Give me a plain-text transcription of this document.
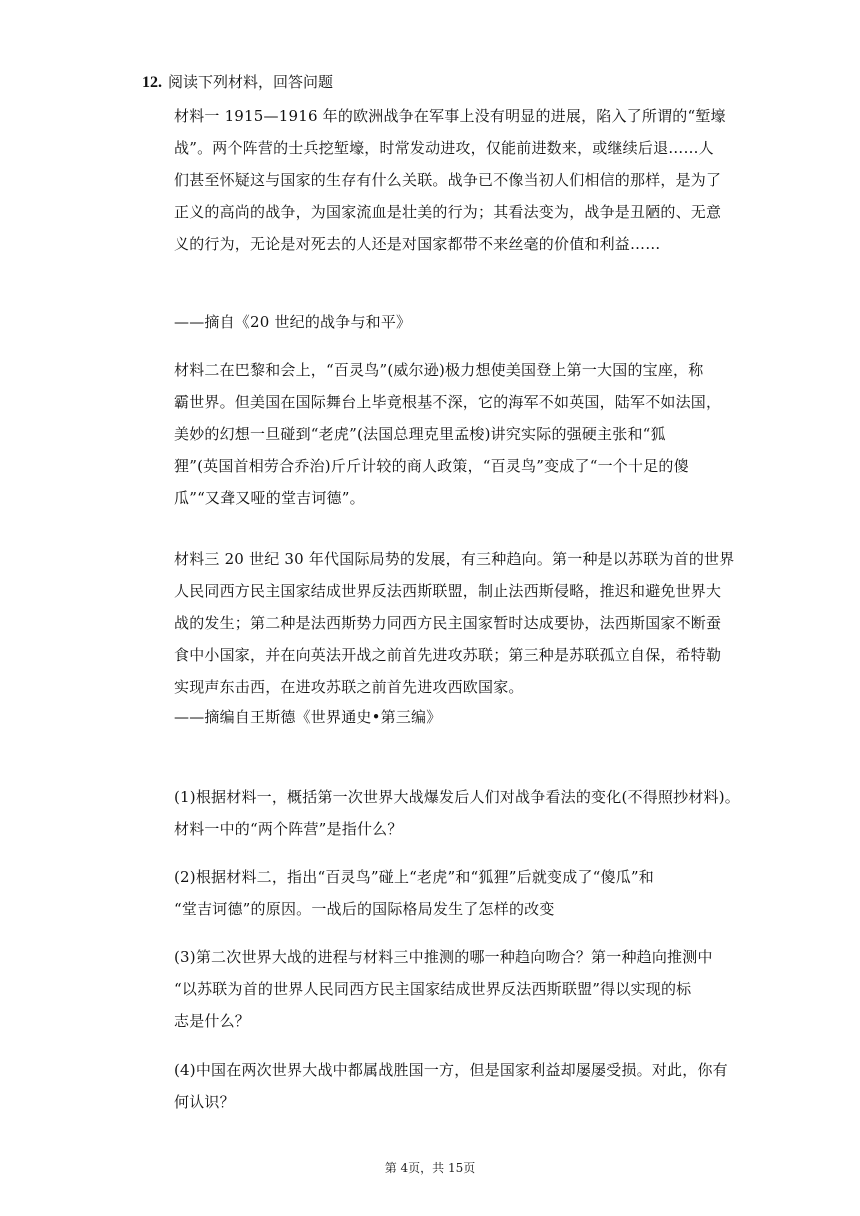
12. 阅读下列材料，回答问题

材料一 1915—1916 年的欧洲战争在军事上没有明显的进展，陷入了所谓的“堑壕

战”。两个阵营的士兵挖堑壕，时常发动进攻，仅能前进数来，或继续后退……人

们甚至怀疑这与国家的生存有什么关联。战争已不像当初人们相信的那样，是为了

正义的高尚的战争，为国家流血是壮美的行为；其看法变为，战争是丑陋的、无意

义的行为，无论是对死去的人还是对国家都带不来丝毫的价值和利益……

——摘自《20 世纪的战争与和平》

材料二在巴黎和会上，“百灵鸟”(威尔逊)极力想使美国登上第一大国的宝座，称

霸世界。但美国在国际舞台上毕竟根基不深，它的海军不如英国，陆军不如法国，

美妙的幻想一旦碰到“老虎”(法国总理克里孟梭)讲究实际的强硬主张和“狐

狸”(英国首相劳合乔治)斤斤计较的商人政策，“百灵鸟”变成了“一个十足的傻

瓜”“又聋又哑的堂吉诃德”。

材料三 20 世纪 30 年代国际局势的发展，有三种趋向。第一种是以苏联为首的世界

人民同西方民主国家结成世界反法西斯联盟，制止法西斯侵略，推迟和避免世界大

战的发生；第二种是法西斯势力同西方民主国家暂时达成要协，法西斯国家不断蚕

食中小国家，并在向英法开战之前首先进攻苏联；第三种是苏联孤立自保，希特勒

实现声东击西，在进攻苏联之前首先进攻西欧国家。

——摘编自王斯德《世界通史•第三编》

(1)根据材料一，概括第一次世界大战爆发后人们对战争看法的变化(不得照抄材料)。

材料一中的“两个阵营”是指什么？

(2)根据材料二，指出“百灵鸟”碰上“老虎”和“狐狸”后就变成了“傻瓜”和

“堂吉诃德”的原因。一战后的国际格局发生了怎样的改变

(3)第二次世界大战的进程与材料三中推测的哪一种趋向吻合？第一种趋向推测中

“以苏联为首的世界人民同西方民主国家结成世界反法西斯联盟”得以实现的标

志是什么？

(4)中国在两次世界大战中都属战胜国一方，但是国家利益却屡屡受损。对此，你有

何认识？

第 4页，共 15页
